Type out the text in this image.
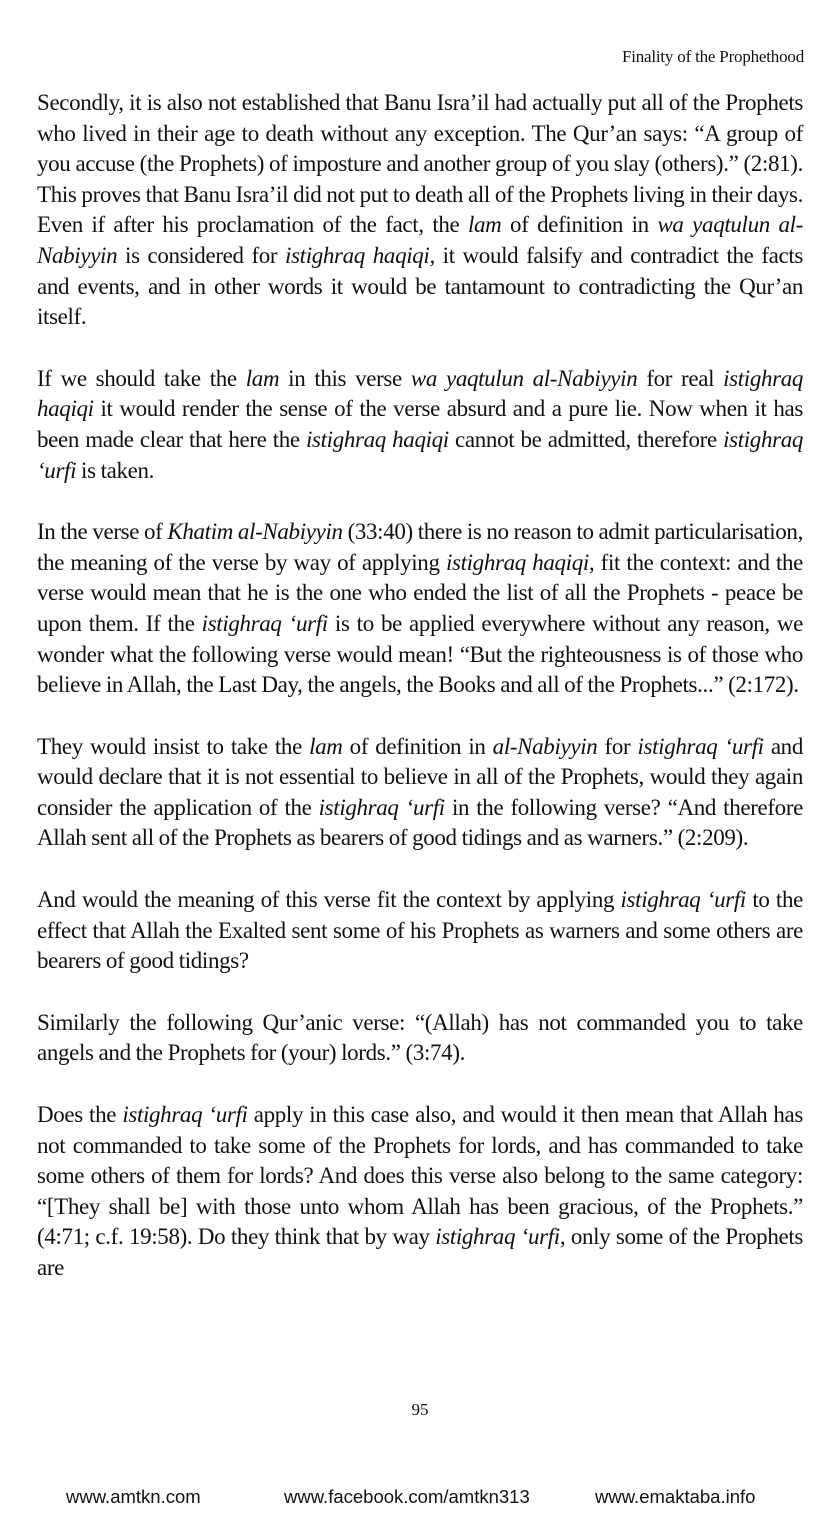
Finality of the Prophethood

Secondly, it is also not established that Banu Isra’il had actually put all of the Prophets who lived in their age to death without any exception. The Qur’an says: “A group of you accuse (the Prophets) of imposture and another group of you slay (others).” (2:81). This proves that Banu Isra’il did not put to death all of the Prophets living in their days. Even if after his proclamation of the fact, the lam of definition in wa yaqtulun al-Nabiyyin is considered for istighraq haqiqi, it would falsify and contradict the facts and events, and in other words it would be tantamount to contradicting the Qur’an itself.

If we should take the lam in this verse wa yaqtulun al-Nabiyyin for real istighraq haqiqi it would render the sense of the verse absurd and a pure lie. Now when it has been made clear that here the istighraq haqiqi cannot be admitted, therefore istighraq ‘urfi is taken.

In the verse of Khatim al-Nabiyyin (33:40) there is no reason to admit particularisation, the meaning of the verse by way of applying istighraq haqiqi, fit the context: and the verse would mean that he is the one who ended the list of all the Prophets - peace be upon them. If the istighraq ‘urfi is to be applied everywhere without any reason, we wonder what the following verse would mean! “But the righteousness is of those who believe in Allah, the Last Day, the angels, the Books and all of the Prophets...” (2:172).

They would insist to take the lam of definition in al-Nabiyyin for istighraq ‘urfi and would declare that it is not essential to believe in all of the Prophets, would they again consider the application of the istighraq ‘urfi in the following verse? “And therefore Allah sent all of the Prophets as bearers of good tidings and as warners.” (2:209).

And would the meaning of this verse fit the context by applying istighraq ‘urfi to the effect that Allah the Exalted sent some of his Prophets as warners and some others are bearers of good tidings?

Similarly the following Qur’anic verse: “(Allah) has not commanded you to take angels and the Prophets for (your) lords.” (3:74).

Does the istighraq ‘urfi apply in this case also, and would it then mean that Allah has not commanded to take some of the Prophets for lords, and has commanded to take some others of them for lords? And does this verse also belong to the same category: “[They shall be] with those unto whom Allah has been gracious, of the Prophets.” (4:71; c.f. 19:58). Do they think that by way istighraq ‘urfi, only some of the Prophets are

95
www.amtkn.com	www.facebook.com/amtkn313	www.emaktaba.info
